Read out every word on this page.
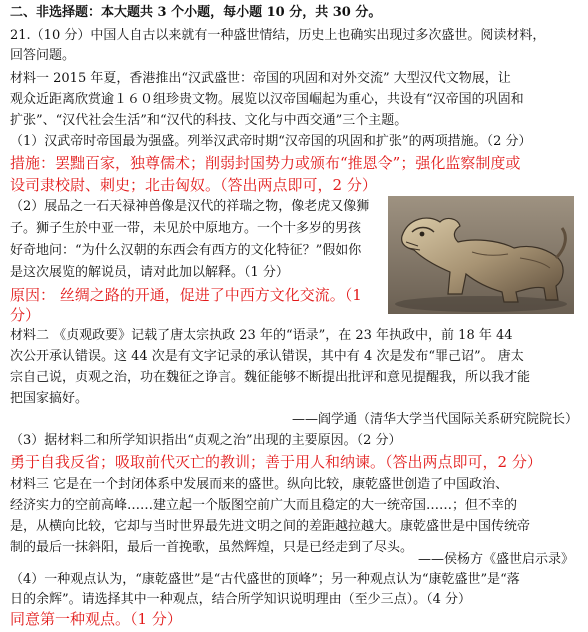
二、非选择题：本大题共 3 个小题，每小题 10 分，共 30 分。
21.（10 分）中国人自古以来就有一种盛世情结，历史上也确实出现过多次盛世。阅读材料，
回答问题。
材料一 2015 年夏，香港推出“汉武盛世：帝国的巩固和对外交流” 大型汉代文物展，让
观众近距离欣赏逾１６０组珍贵文物。展览以汉帝国崛起为重心，共设有“汉帝国的巩固和
扩张”、“汉代社会生活”和“汉代的科技、文化与中西交通”三个主题。
（1）汉武帝时帝国最为强盛。列举汉武帝时期“汉帝国的巩固和扩张”的两项措施。（2 分）
措施：罢黜百家，独尊儒术；削弱封国势力或颁布“推恩令”；强化监察制度或
设司隶校尉、刺史；北击匈奴。（答出两点即可，2 分）
（2）展品之一石天禄神兽像是汉代的祥瑞之物，像老虎又像狮
子。狮子生於中亚一带，未见於中原地方。一个十多岁的男孩
好奇地问：“为什么汉朝的东西会有西方的文化特征？”假如你
是这次展览的解说员，请对此加以解释。（1 分）
原因： 丝绸之路的开通，促进了中西方文化交流。（1
分）
材料二 《贞观政要》记载了唐太宗执政 23 年的“语录”，在 23 年执政中，前 18 年 44
次公开承认错误。这 44 次是有文字记录的承认错误，其中有 4 次是发布“罪己诏”。 唐太
宗自己说，贞观之治，功在魏征之诤言。魏征能够不断提出批评和意见提醒我，所以我才能
把国家搞好。
——阎学通（清华大学当代国际关系研究院院长）
（3）据材料二和所学知识指出“贞观之治”出现的主要原因。（2 分）
勇于自我反省；吸取前代灭亡的教训；善于用人和纳谏。（答出两点即可，2 分）
材料三 它是在一个封闭体系中发展而来的盛世。纵向比较，康乾盛世创造了中国政治、
经济实力的空前高峰……建立起一个版图空前广大而且稳定的大一统帝国……；但不幸的
是，从横向比较，它却与当时世界最先进文明之间的差距越拉越大。康乾盛世是中国传统帝
制的最后一抹斜阳，最后一首挽歌，虽然辉煌，只是已经走到了尽头。
——侯杨方《盛世启示录》
（4）一种观点认为，“康乾盛世”是“古代盛世的顶峰”；另一种观点认为“康乾盛世”是“落
日的余辉”。请选择其中一种观点，结合所学知识说明理由（至少三点）。（4 分）
同意第一种观点。（1 分）
